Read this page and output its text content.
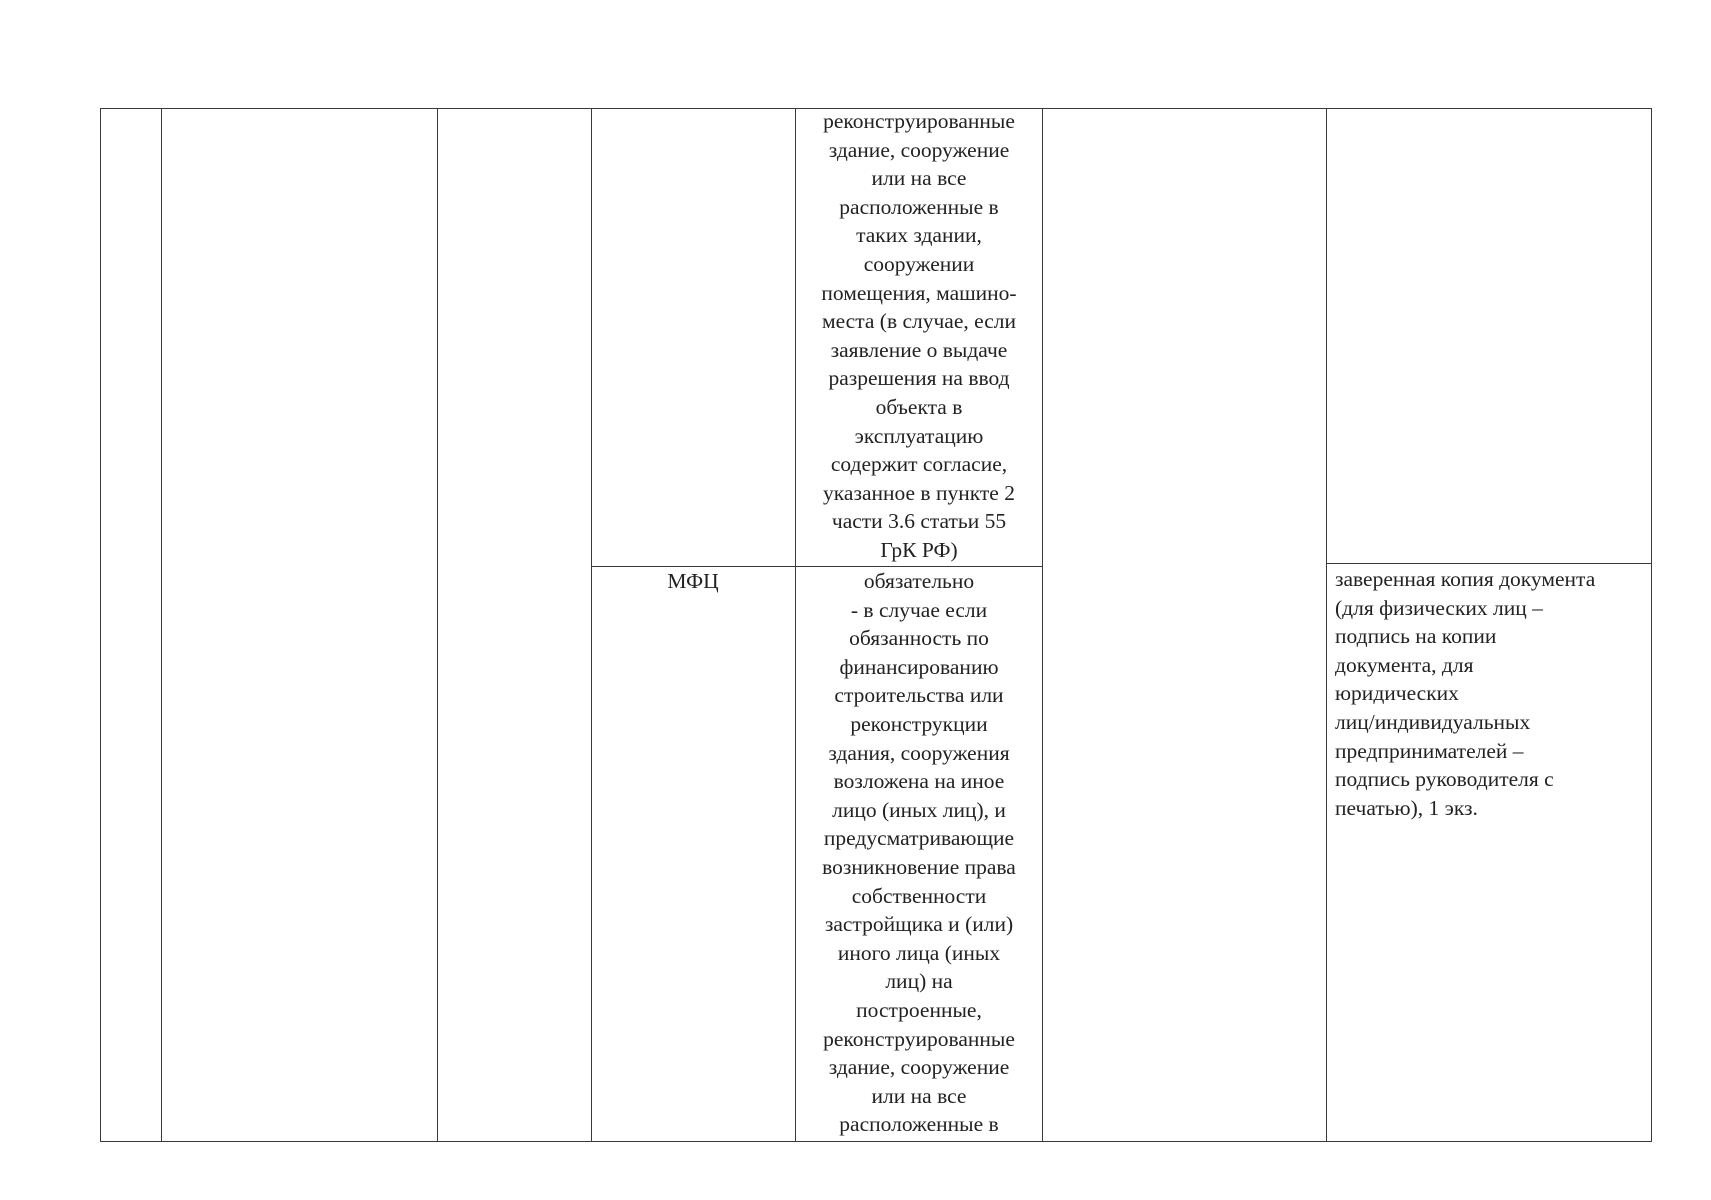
реконструированные
здание, сооружение
или на все
расположенные в
таких здании,
сооружении
помещения, машино-
места (в случае, если
заявление о выдаче
разрешения на ввод
объекта в
эксплуатацию
содержит согласие,
указанное в пункте 2
части 3.6 статьи 55
ГрК РФ)
МФЦ	обязательно
- в случае если
обязанность по
финансированию
строительства или
реконструкции
здания, сооружения
возложена на иное
лицо (иных лиц), и
предусматривающие
возникновение права
собственности
застройщика и (или)
иного лица (иных
лиц) на
построенные,
реконструированные
здание, сооружение
или на все
расположенные в
заверенная копия документа
(для физических лиц –
подпись на копии
документа, для
юридических
лиц/индивидуальных
предпринимателей –
подпись руководителя с
печатью), 1 экз.
